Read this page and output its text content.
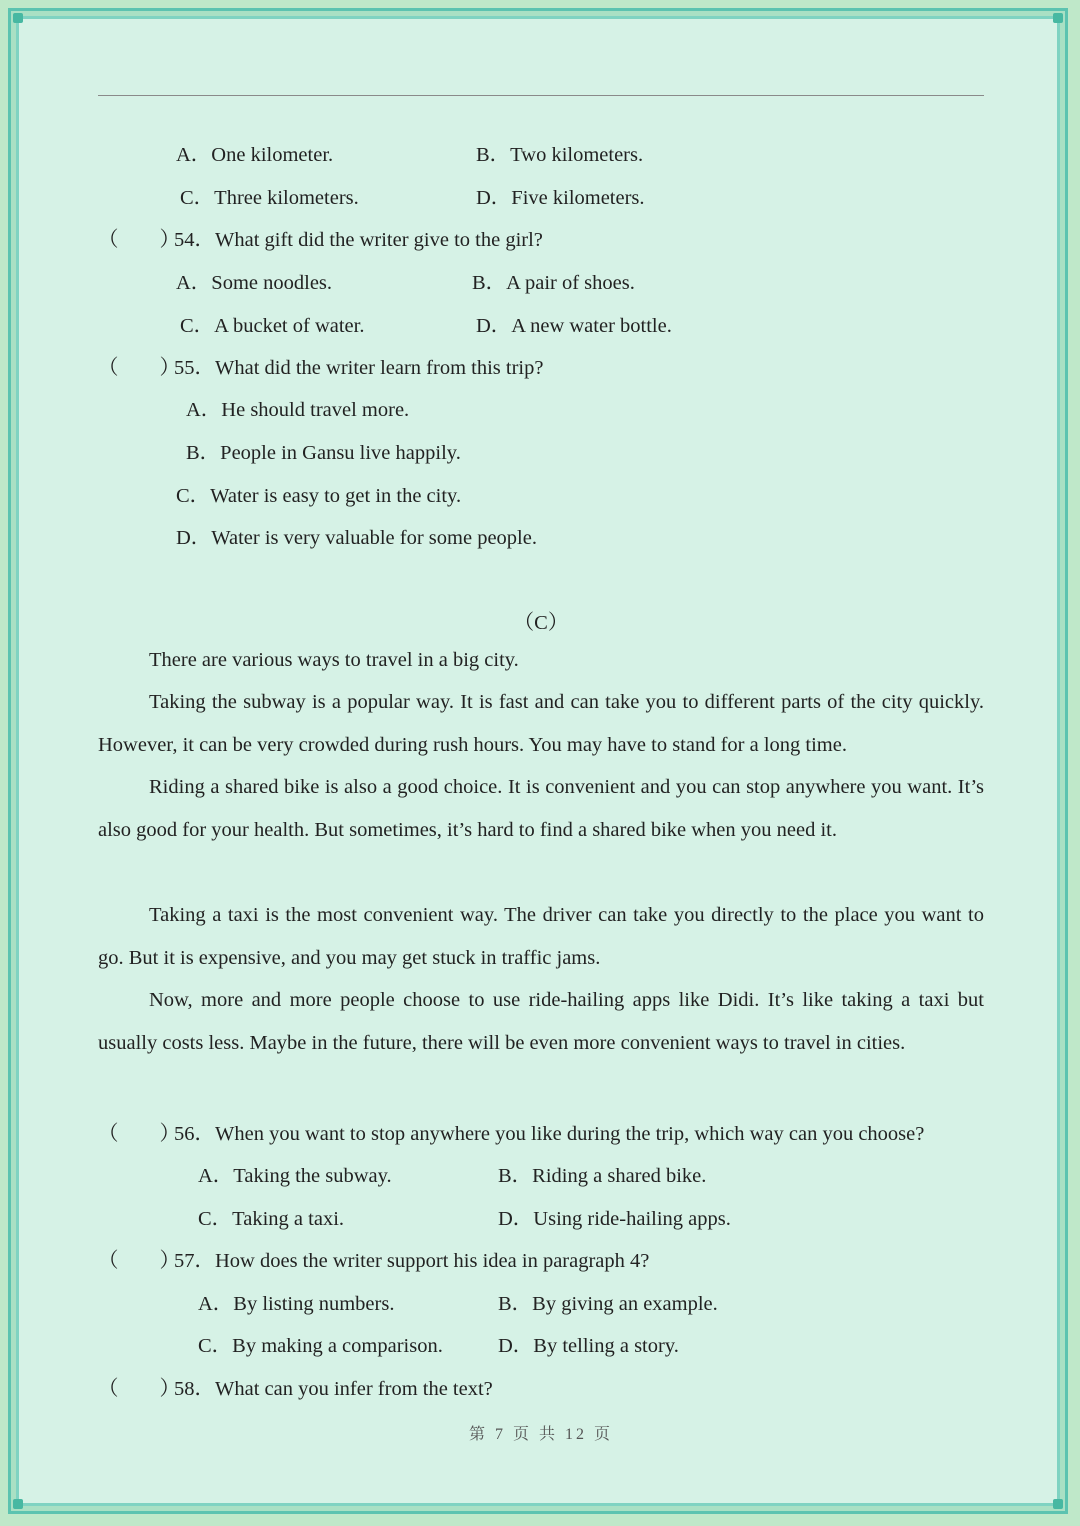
A．One kilometer.	B．Two kilometers.
C．Three kilometers.	D．Five kilometers.
（　　）
54．What gift did the writer give to the girl?
A．Some noodles.	B．A pair of shoes.
C．A bucket of water.	D．A new water bottle.
（　　）
55．What did the writer learn from this trip?
A．He should travel more.
B．People in Gansu live happily.
C．Water is easy to get in the city.
D．Water is very valuable for some people.
（C）
There are various ways to travel in a big city.
Taking the subway is a popular way. It is fast and can take you to different parts of the city quickly. However, it can be very crowded during rush hours. You may have to stand for a long time.
Riding a shared bike is also a good choice. It is convenient and you can stop anywhere you want. It’s also good for your health. But sometimes, it’s hard to find a shared bike when you need it.
Taking a taxi is the most convenient way. The driver can take you directly to the place you want to go. But it is expensive, and you may get stuck in traffic jams.
Now, more and more people choose to use ride-hailing apps like Didi. It’s like taking a taxi but usually costs less. Maybe in the future, there will be even more convenient ways to travel in cities.
（　　）
56．When you want to stop anywhere you like during the trip, which way can you choose?
A．Taking the subway.	B．Riding a shared bike.
C．Taking a taxi.	D．Using ride-hailing apps.
（　　）
57．How does the writer support his idea in paragraph 4?
A．By listing numbers.	B．By giving an example.
C．By making a comparison.	D．By telling a story.
（　　）
58．What can you infer from the text?
第 7 页 共 12 页
